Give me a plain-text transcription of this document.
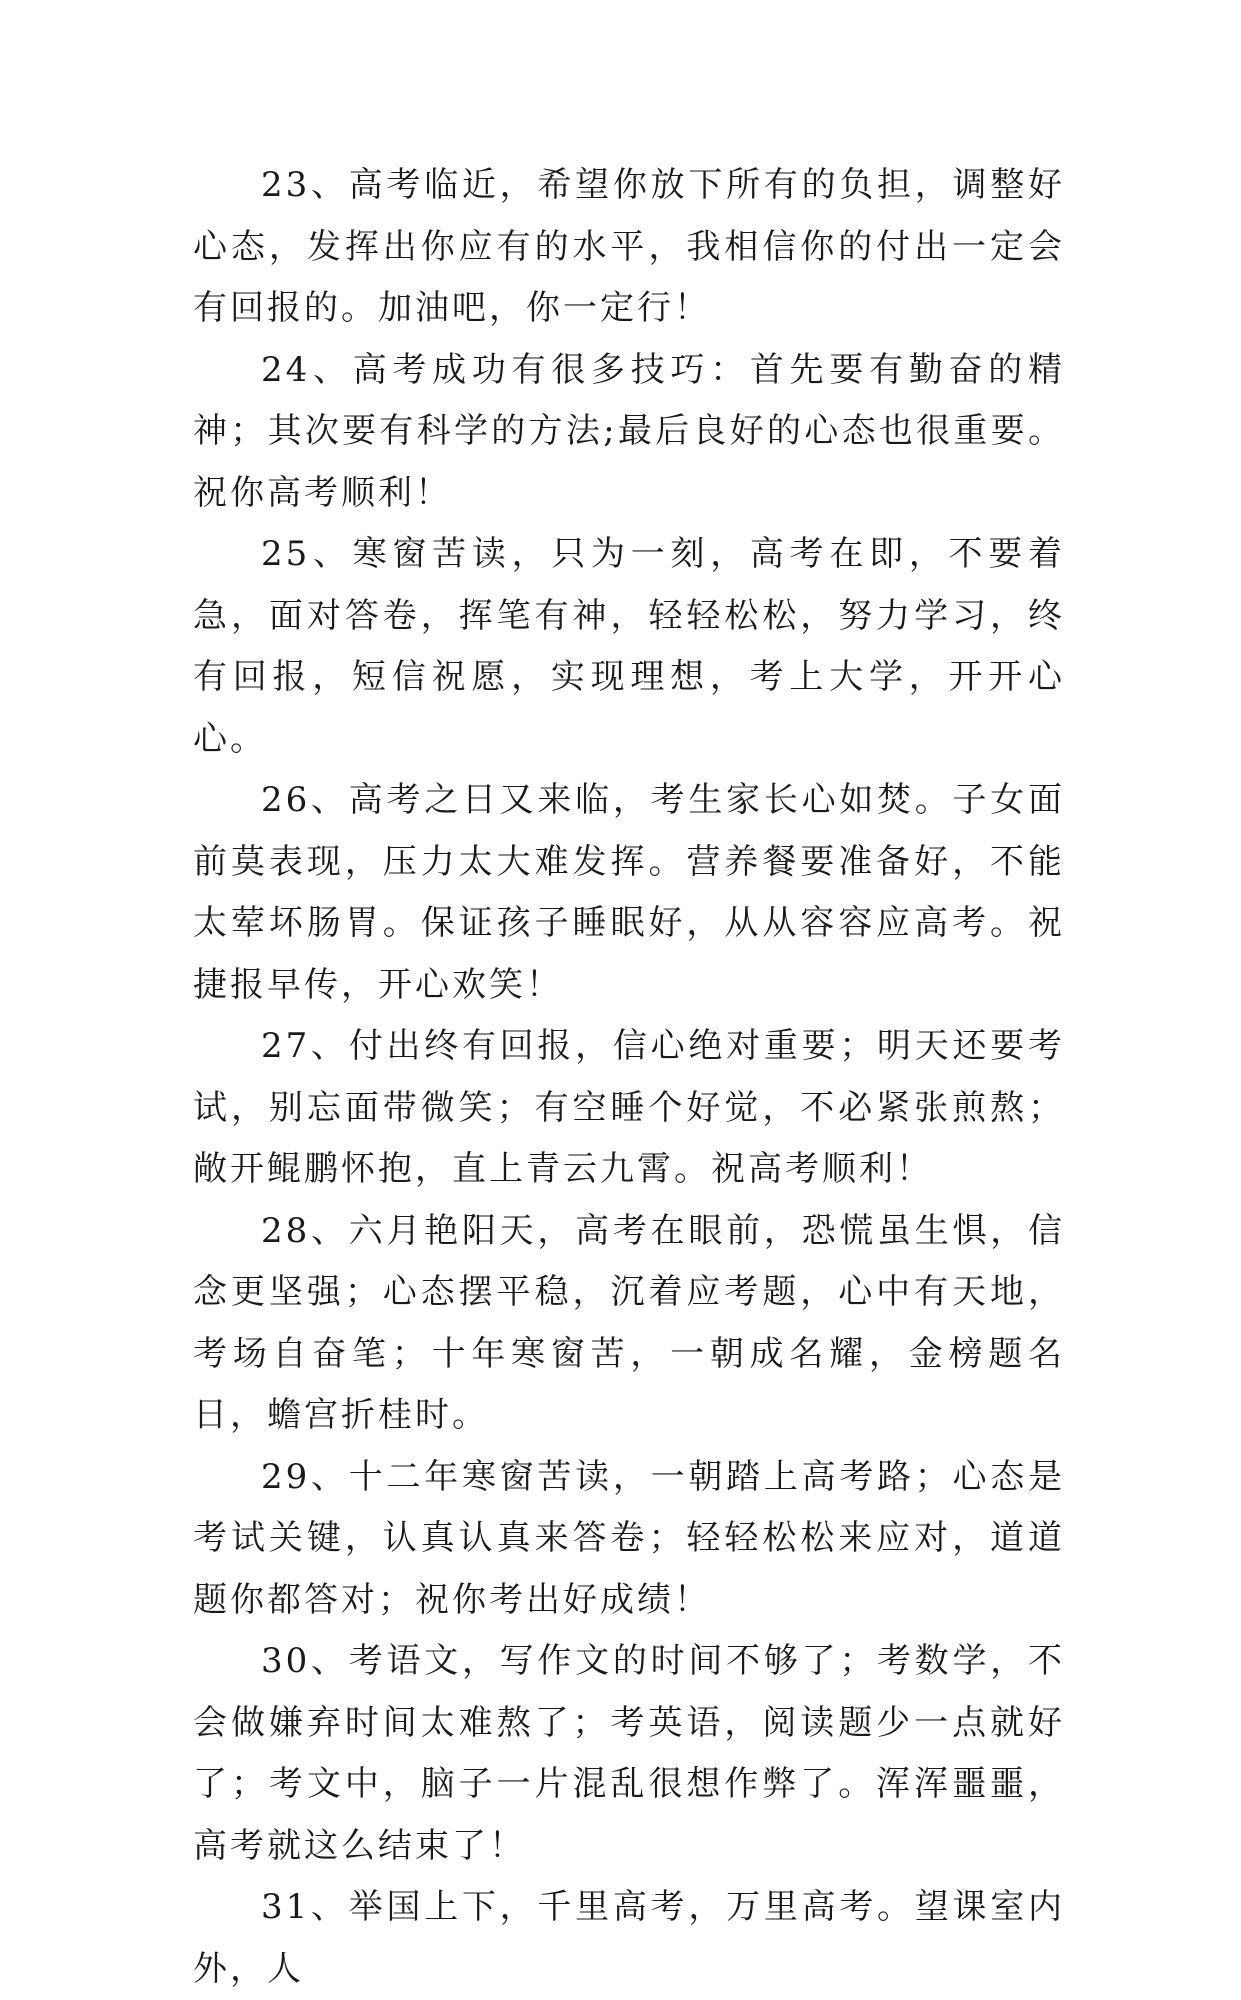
23、高考临近，希望你放下所有的负担，调整好心态，发挥出你应有的水平，我相信你的付出一定会有回报的。加油吧，你一定行！

24、高考成功有很多技巧：首先要有勤奋的精神；其次要有科学的方法;最后良好的心态也很重要。祝你高考顺利！

25、寒窗苦读，只为一刻，高考在即，不要着急，面对答卷，挥笔有神，轻轻松松，努力学习，终有回报，短信祝愿，实现理想，考上大学，开开心心。

26、高考之日又来临，考生家长心如焚。子女面前莫表现，压力太大难发挥。营养餐要准备好，不能太荤坏肠胃。保证孩子睡眠好，从从容容应高考。祝捷报早传，开心欢笑！

27、付出终有回报，信心绝对重要；明天还要考试，别忘面带微笑；有空睡个好觉，不必紧张煎熬；敞开鲲鹏怀抱，直上青云九霄。祝高考顺利！

28、六月艳阳天，高考在眼前，恐慌虽生惧，信念更坚强；心态摆平稳，沉着应考题，心中有天地，考场自奋笔；十年寒窗苦，一朝成名耀，金榜题名日，蟾宫折桂时。

29、十二年寒窗苦读，一朝踏上高考路；心态是考试关键，认真认真来答卷；轻轻松松来应对，道道题你都答对；祝你考出好成绩！

30、考语文，写作文的时间不够了；考数学，不会做嫌弃时间太难熬了；考英语，阅读题少一点就好了；考文中，脑子一片混乱很想作弊了。浑浑噩噩，高考就这么结束了！

31、举国上下，千里高考，万里高考。望课室内外，人
